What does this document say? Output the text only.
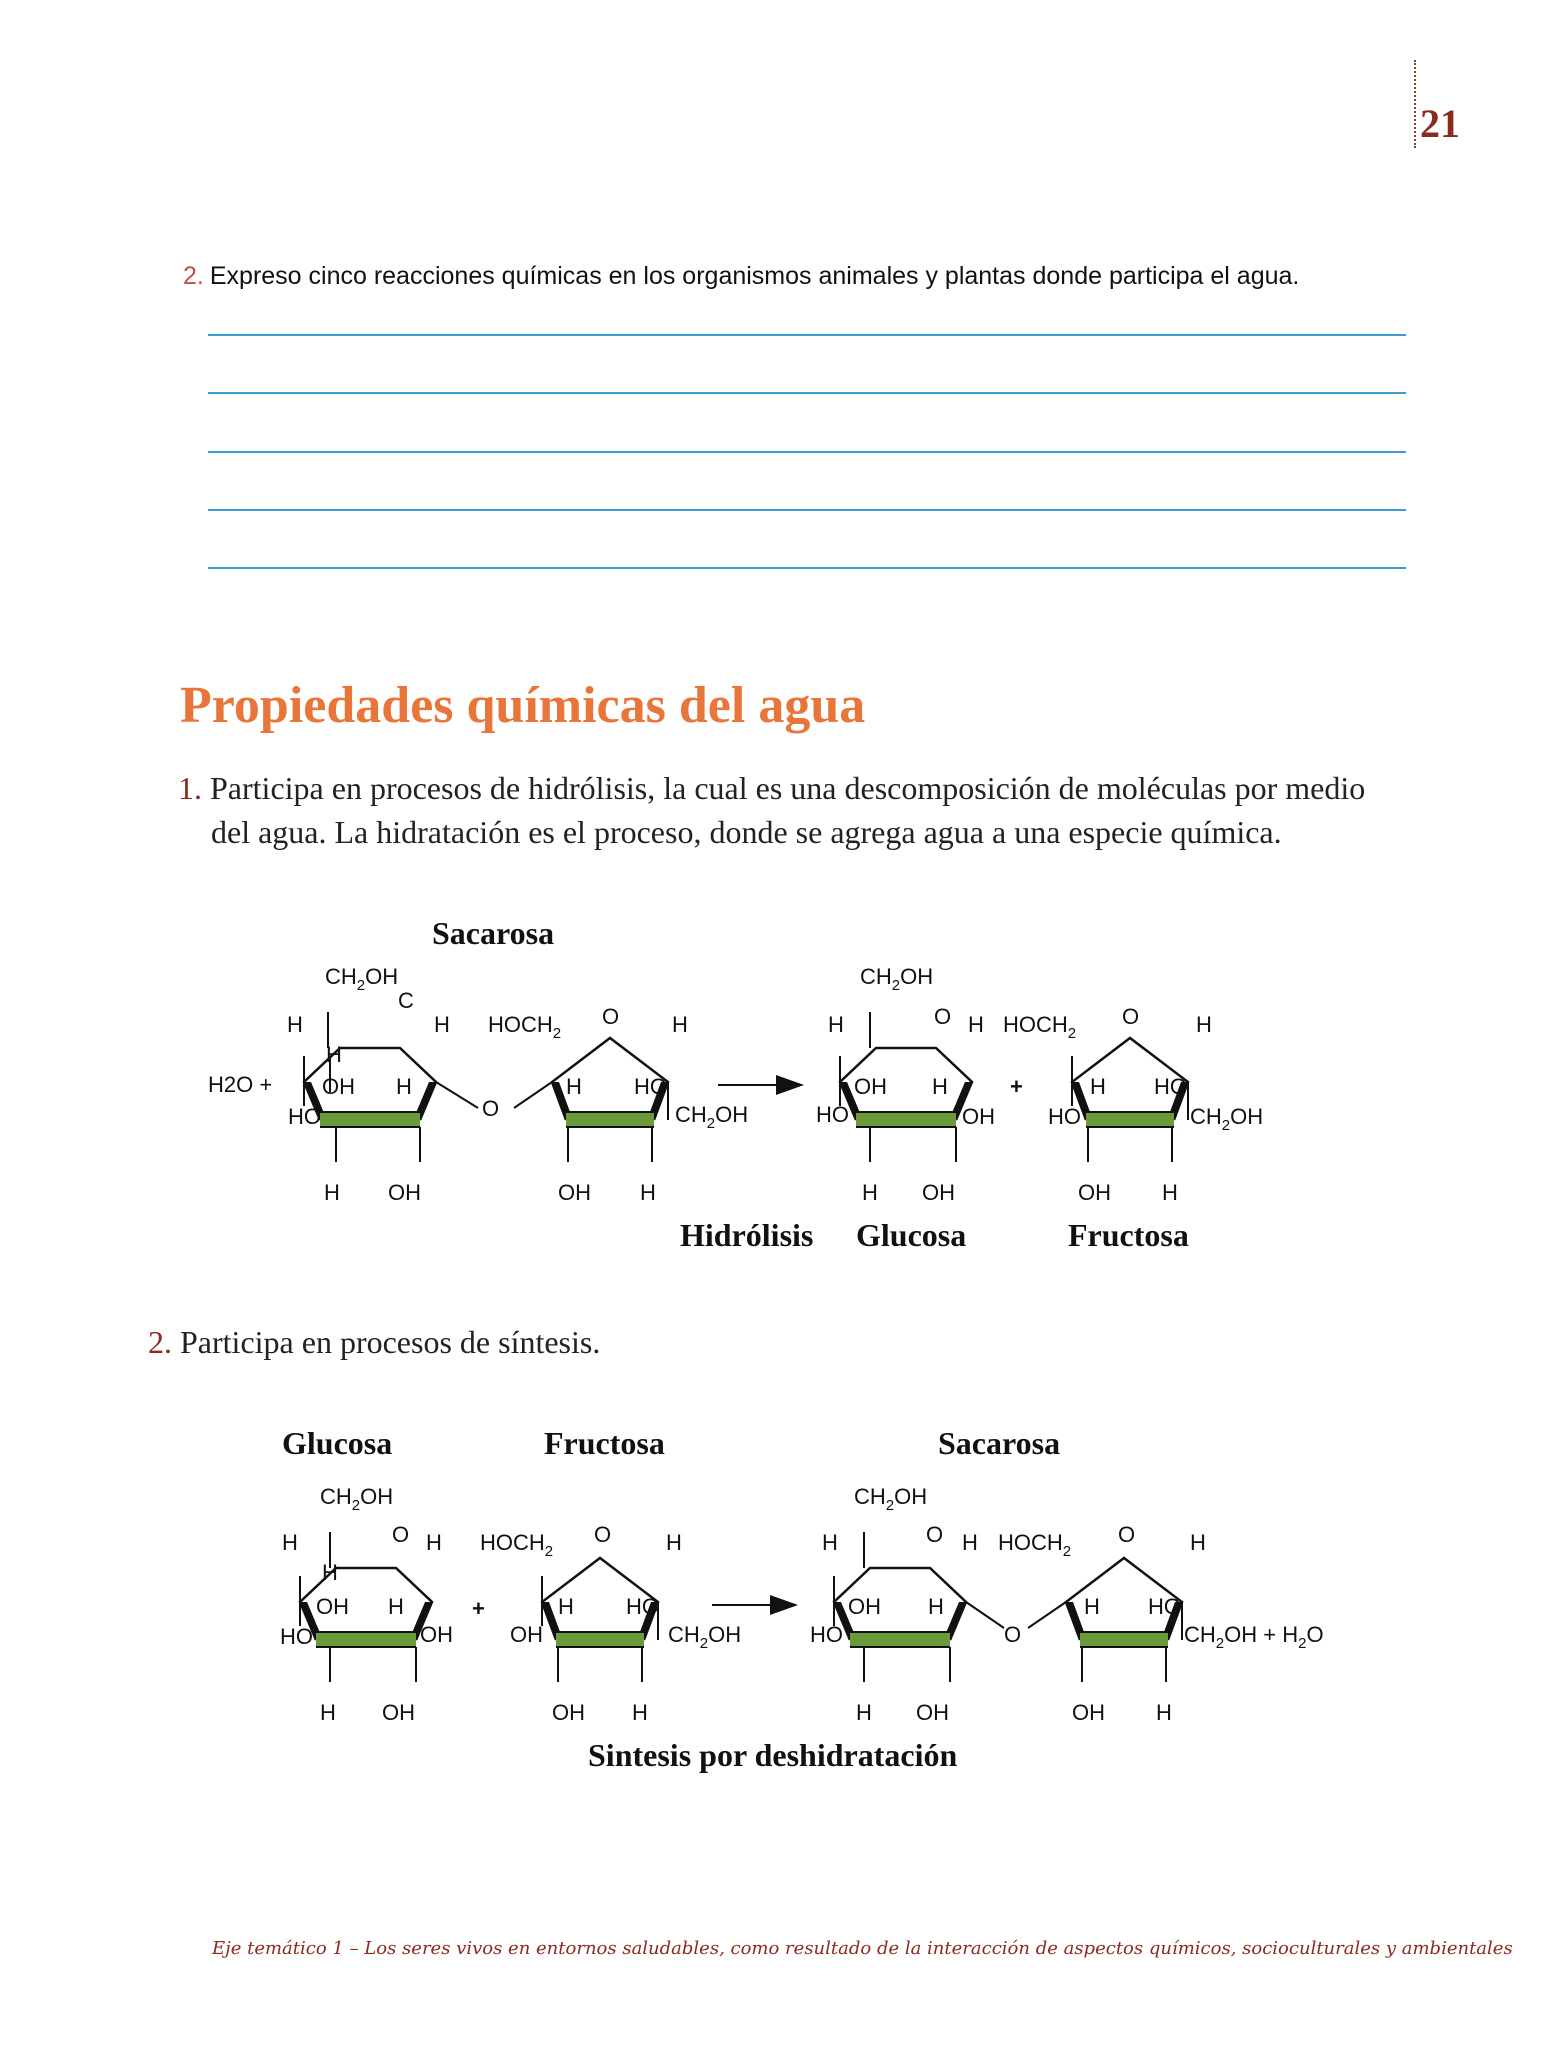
21
2. Expreso cinco reacciones químicas en los organismos animales y plantas donde participa el agua.
Propiedades químicas del agua
1. Participa en procesos de hidrólisis, la cual es una descomposición de moléculas por medio
del agua. La hidratación es el proceso, donde se agrega agua a una especie química.
Sacarosa
H2O +
$CH_2OH$
C
H	H
H
OH H
HO
H OH
O
$HOCH_2$
O H
H HO
$CH_2OH$
OH H
$CH_2OH$
H	O H
OH H
HO	OH
H OH
+
$HOCH_2$
O	H
H HO
HO	$CH_2OH$
OH H
Hidrólisis Glucosa	Fructosa
2. Participa en procesos de síntesis.
Glucosa	Fructosa	Sacarosa
$CH_2OH$
H	O H
H
OH H
HO	OH
H OH
+
$HOCH_2$
O H
H HO
OH	$CH_2OH$
OH H
$CH_2OH$
H	O H
OH H
HO
H OH
O
$HOCH_2$
O H
H HO
$CH_2OH + H_2O$
OH H
Sintesis por deshidratación
Eje temático 1 – Los seres vivos en entornos saludables, como resultado de la interacción de aspectos químicos, socioculturales y ambientales
